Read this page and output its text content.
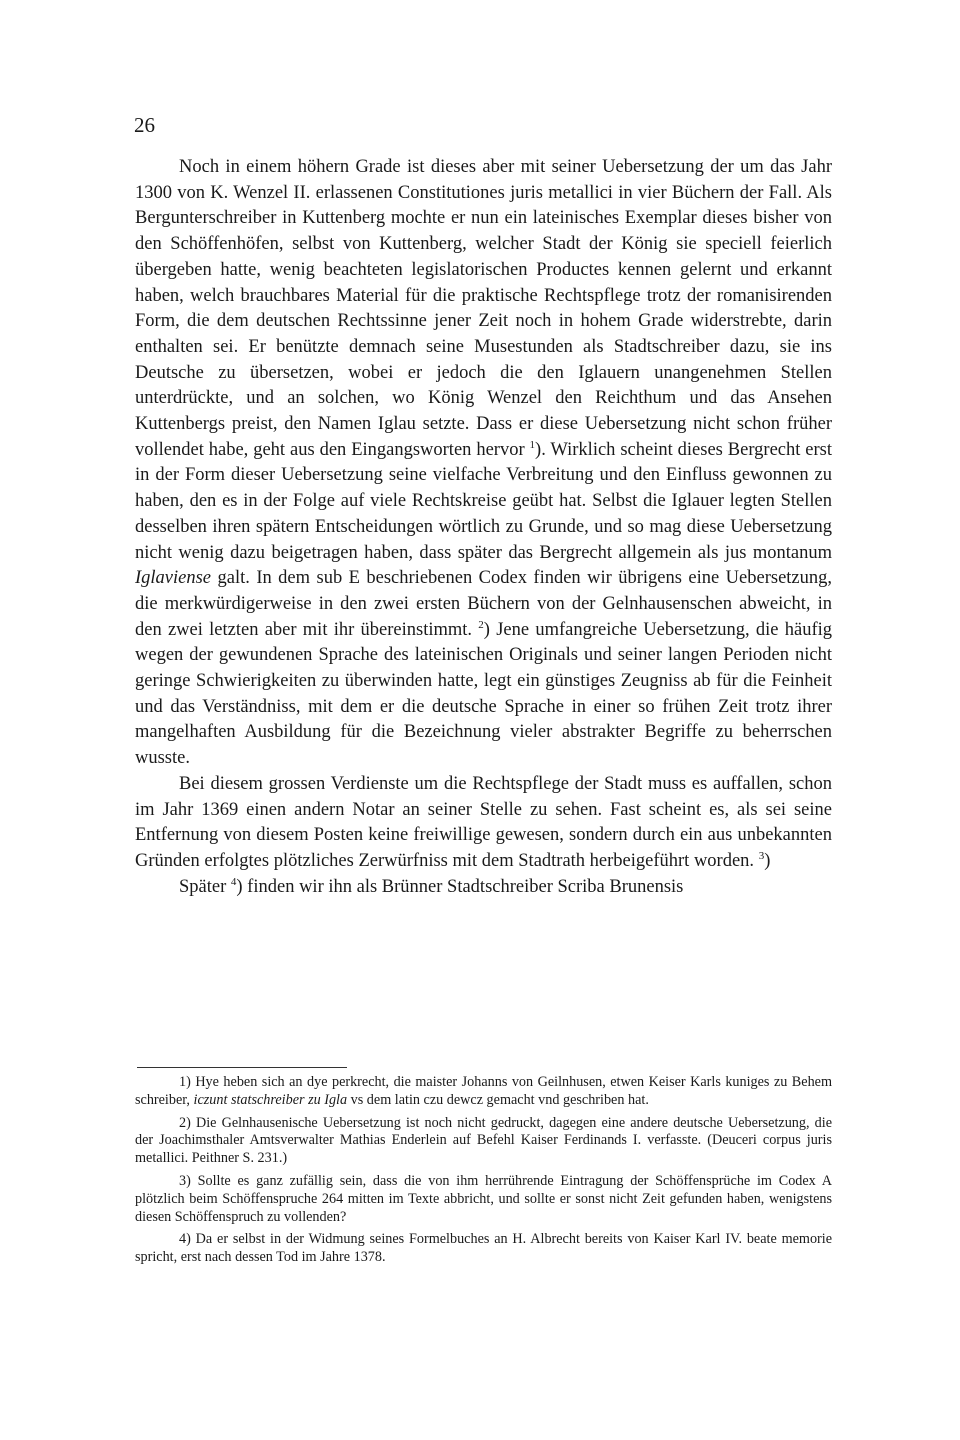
26

Noch in einem höhern Grade ist dieses aber mit seiner Uebersetzung der um das Jahr 1300 von K. Wenzel II. erlassenen Constitutiones juris metallici in vier Büchern der Fall. Als Bergunterschreiber in Kuttenberg mochte er nun ein lateinisches Exemplar dieses bisher von den Schöffenhöfen, selbst von Kuttenberg, welcher Stadt der König sie speciell feierlich übergeben hatte, wenig beachteten legislatorischen Productes kennen gelernt und erkannt haben, welch brauchbares Material für die praktische Rechtspflege trotz der romanisirenden Form, die dem deutschen Rechtssinne jener Zeit noch in hohem Grade widerstrebte, darin enthalten sei. Er benützte demnach seine Musestunden als Stadtschreiber dazu, sie ins Deutsche zu übersetzen, wobei er jedoch die den Iglauern unangenehmen Stellen unterdrückte, und an solchen, wo König Wenzel den Reichthum und das Ansehen Kuttenbergs preist, den Namen Iglau setzte. Dass er diese Uebersetzung nicht schon früher vollendet habe, geht aus den Eingangsworten hervor $^1$). Wirklich scheint dieses Bergrecht erst in der Form dieser Uebersetzung seine vielfache Verbreitung und den Einfluss gewonnen zu haben, den es in der Folge auf viele Rechtskreise geübt hat. Selbst die Iglauer legten Stellen desselben ihren spätern Entscheidungen wörtlich zu Grunde, und so mag diese Uebersetzung nicht wenig dazu beigetragen haben, dass später das Bergrecht allgemein als jus montanum Iglaviense galt. In dem sub E beschriebenen Codex finden wir übrigens eine Uebersetzung, die merkwürdigerweise in den zwei ersten Büchern von der Gelnhausenschen abweicht, in den zwei letzten aber mit ihr übereinstimmt. $^2$) Jene umfangreiche Uebersetzung, die häufig wegen der gewundenen Sprache des lateinischen Originals und seiner langen Perioden nicht geringe Schwierigkeiten zu überwinden hatte, legt ein günstiges Zeugniss ab für die Feinheit und das Verständniss, mit dem er die deutsche Sprache in einer so frühen Zeit trotz ihrer mangelhaften Ausbildung für die Bezeichnung vieler abstrakter Begriffe zu beherrschen wusste.

Bei diesem grossen Verdienste um die Rechtspflege der Stadt muss es auffallen, schon im Jahr 1369 einen andern Notar an seiner Stelle zu sehen. Fast scheint es, als sei seine Entfernung von diesem Posten keine freiwillige gewesen, sondern durch ein aus unbekannten Gründen erfolgtes plötzliches Zerwürfniss mit dem Stadtrath herbeigeführt worden. $^3$)

Später $^4$) finden wir ihn als Brünner Stadtschreiber Scriba Brunensis

1) Hye heben sich an dye perkrecht, die maister Johanns von Geilnhusen, etwen Keiser Karls kuniges zu Behem schreiber, iczunt statschreiber zu Igla vs dem latin czu dewcz gemacht vnd geschriben hat.

2) Die Gelnhausenische Uebersetzung ist noch nicht gedruckt, dagegen eine andere deutsche Uebersetzung, die der Joachimsthaler Amtsverwalter Mathias Enderlein auf Befehl Kaiser Ferdinands I. verfasste. (Deuceri corpus juris metallici. Peithner S. 231.)

3) Sollte es ganz zufällig sein, dass die von ihm herrührende Eintragung der Schöffensprüche im Codex A plötzlich beim Schöffenspruche 264 mitten im Texte abbricht, und sollte er sonst nicht Zeit gefunden haben, wenigstens diesen Schöffenspruch zu vollenden?

4) Da er selbst in der Widmung seines Formelbuches an H. Albrecht bereits von Kaiser Karl IV. beate memorie spricht, erst nach dessen Tod im Jahre 1378.
